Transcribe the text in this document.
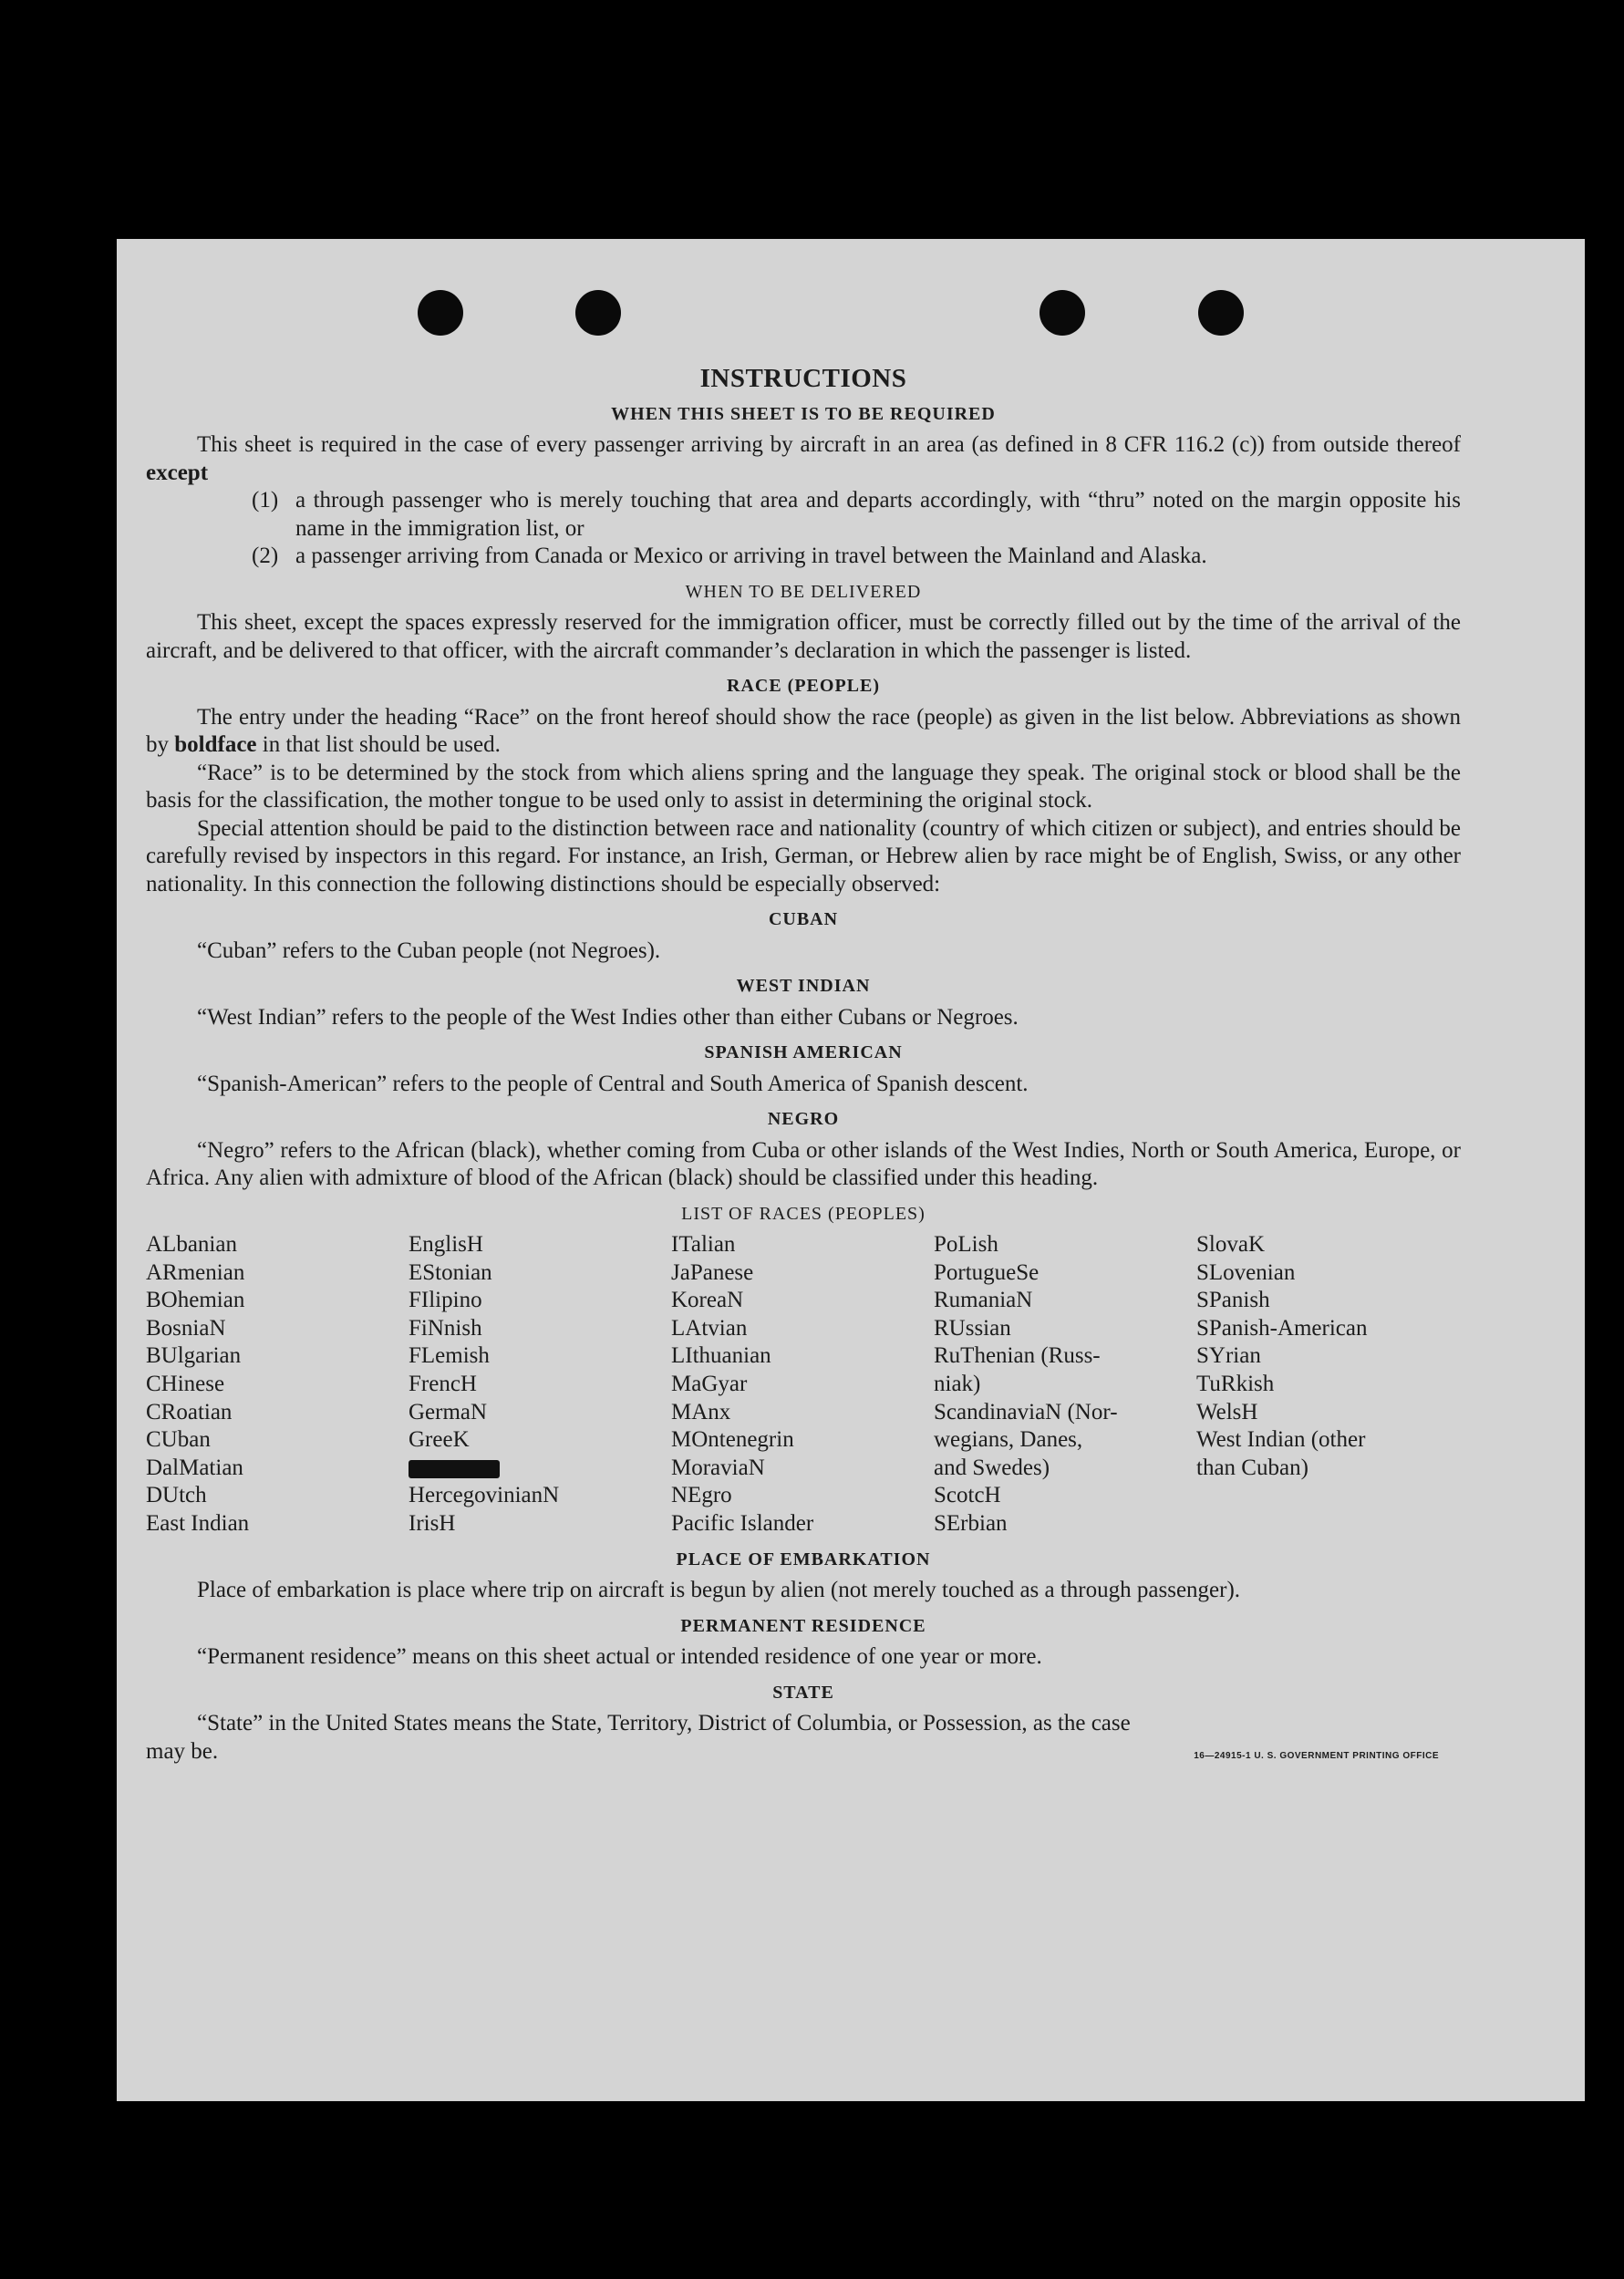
INSTRUCTIONS
WHEN THIS SHEET IS TO BE REQUIRED

This sheet is required in the case of every passenger arriving by aircraft in an area (as defined in 8 CFR 116.2 (c)) from outside thereof except

(1) a through passenger who is merely touching that area and departs accordingly, with “thru” noted on the margin opposite his name in the immigration list, or
(2) a passenger arriving from Canada or Mexico or arriving in travel between the Mainland and Alaska.
WHEN TO BE DELIVERED

This sheet, except the spaces expressly reserved for the immigration officer, must be correctly filled out by the time of the arrival of the aircraft, and be delivered to that officer, with the aircraft commander’s declaration in which the passenger is listed.

RACE (PEOPLE)

The entry under the heading “Race” on the front hereof should show the race (people) as given in the list below. Abbreviations as shown by boldface in that list should be used.

“Race” is to be determined by the stock from which aliens spring and the language they speak. The original stock or blood shall be the basis for the classification, the mother tongue to be used only to assist in determining the original stock.

Special attention should be paid to the distinction between race and nationality (country of which citizen or subject), and entries should be carefully revised by inspectors in this regard. For instance, an Irish, German, or Hebrew alien by race might be of English, Swiss, or any other nationality. In this connection the following distinctions should be especially observed:

CUBAN

“Cuban” refers to the Cuban people (not Negroes).

WEST INDIAN

“West Indian” refers to the people of the West Indies other than either Cubans or Negroes.

SPANISH AMERICAN

“Spanish-American” refers to the people of Central and South America of Spanish descent.

NEGRO

“Negro” refers to the African (black), whether coming from Cuba or other islands of the West Indies, North or South America, Europe, or Africa. Any alien with admixture of blood of the African (black) should be classified under this heading.

LIST OF RACES (PEOPLES)
ALbanian
ARmenian
BOhemian
BosniaN
BUlgarian
CHinese
CRoatian
CUban
DalMatian
DUtch
East Indian
EnglisH
EStonian
FIlipino
FiNnish
FLemish
FrencH
GermaN
GreeK
HercegovinianN
IrisH
ITalian
JaPanese
KoreaN
LAtvian
LIthuanian
MaGyar
MAnx
MOntenegrin
MoraviaN
NEgro
Pacific Islander
PoLish
PortugueSe
RumaniaN
RUssian
RuThenian (Russ-
niak)
ScandinaviaN (Nor-
wegians, Danes,
and Swedes)
ScotcH
SErbian
SlovaK
SLovenian
SPanish
SPanish-American
SYrian
TuRkish
WelsH
West Indian (other
than Cuban)
PLACE OF EMBARKATION

Place of embarkation is place where trip on aircraft is begun by alien (not merely touched as a through passenger).

PERMANENT RESIDENCE

“Permanent residence” means on this sheet actual or intended residence of one year or more.

STATE

“State” in the United States means the State, Territory, District of Columbia, or Possession, as the case

may be.	16—24915-1 U. S. GOVERNMENT PRINTING OFFICE
